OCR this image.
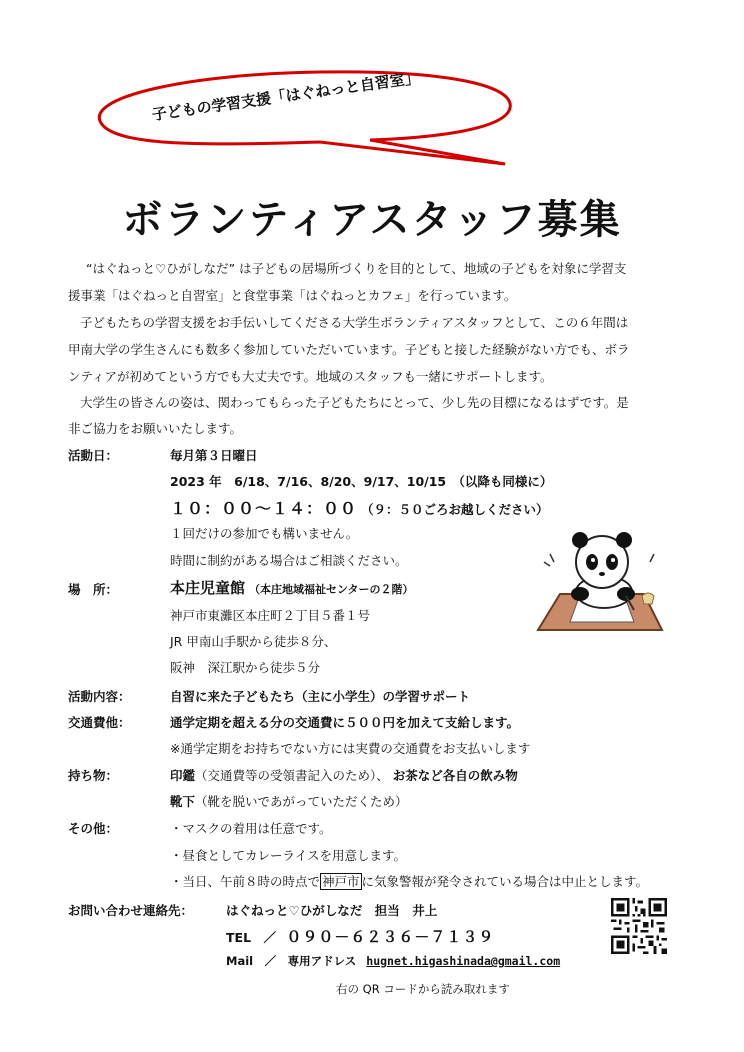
子どもの学習支援「はぐねっと自習室」
ボランティアスタッフ募集
“はぐねっと♡ひがしなだ” は子どもの居場所づくりを目的として、地域の子どもを対象に学習支
援事業「はぐねっと自習室」と食堂事業「はぐねっとカフェ」を行っています。
子どもたちの学習支援をお手伝いしてくださる大学生ボランティアスタッフとして、この６年間は
甲南大学の学生さんにも数多く参加していただいています。子どもと接した経験がない方でも、ボラ
ンティアが初めてという方でも大丈夫です。地域のスタッフも一緒にサポートします。
大学生の皆さんの姿は、関わってもらった子どもたちにとって、少し先の目標になるはずです。是
非ご協力をお願いいたします。
活動日：	毎月第３日曜日
2023 年　6/18、7/16、8/20、9/17、10/15　（以降も同様に）
１０：００～１４：００ （９：５０ごろお越しください）
１回だけの参加でも構いません。
時間に制約がある場合はご相談ください。
場　所：	本庄児童館 （本庄地域福祉センターの２階）
神戸市東灘区本庄町２丁目５番１号
JR 甲南山手駅から徒歩８分、
阪神　深江駅から徒歩５分
活動内容：	自習に来た子どもたち（主に小学生）の学習サポート
交通費他：	通学定期を超える分の交通費に５００円を加えて支給します。
※通学定期をお持ちでない方には実費の交通費をお支払いします
持ち物：	印鑑（交通費等の受領書記入のため）、 お茶など各自の飲み物
靴下（靴を脱いであがっていただくため）
その他：	・マスクの着用は任意です。
・昼食としてカレーライスを用意します。
・当日、午前８時の時点で 神戸市 に気象警報が発令されている場合は中止とします。
お問い合わせ連絡先：	はぐねっと♡ひがしなだ　担当　井上
TEL　／ ０９０－６２３６－７１３９
Mail　／　専用アドレス hugnet.higashinada@gmail.com
右の QR コードから読み取れます
